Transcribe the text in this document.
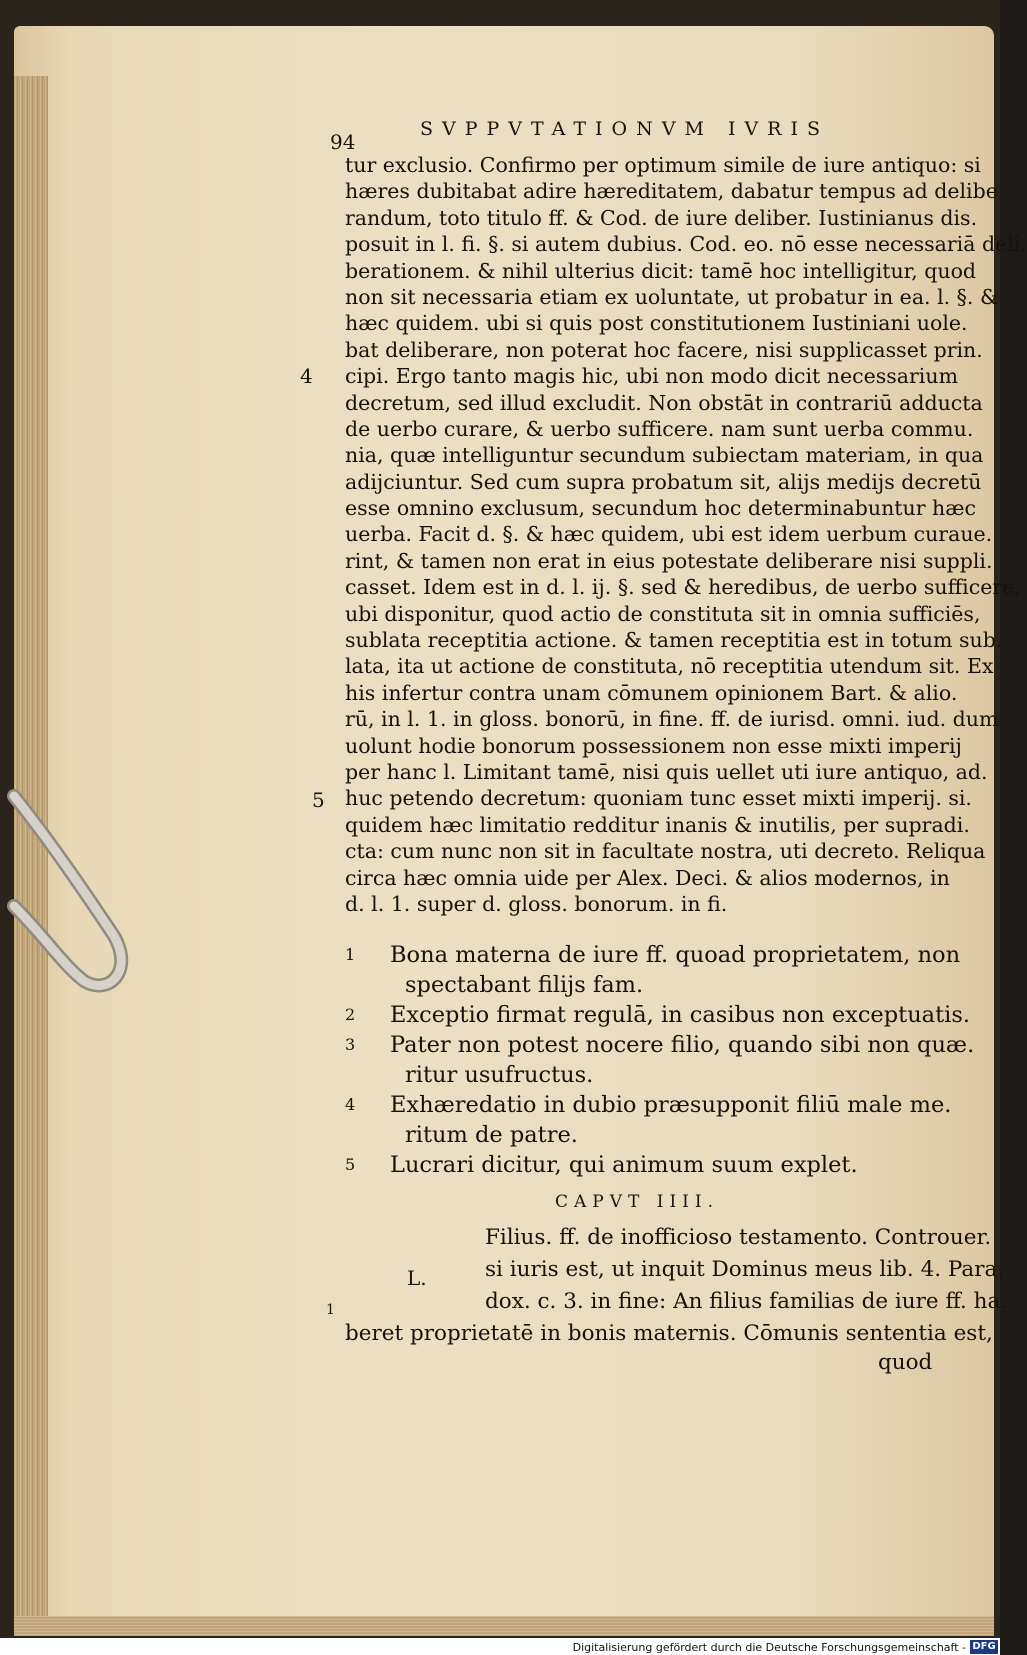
94
SVPPVTATIONVM IVRIS
tur exclusio. Confirmo per optimum simile de iure antiquo: si
hæres dubitabat adire hæreditatem, dabatur tempus ad delibe
randum, toto titulo ff. & Cod. de iure deliber. Iustinianus dis.
posuit in l. fi. §. si autem dubius. Cod. eo. nō esse necessariā deli.
berationem. & nihil ulterius dicit: tamē hoc intelligitur, quod
non sit necessaria etiam ex uoluntate, ut probatur in ea. l. §. &
hæc quidem. ubi si quis post constitutionem Iustiniani uole.
bat deliberare, non poterat hoc facere, nisi supplicasset prin.
cipi. Ergo tanto magis hic, ubi non modo dicit necessarium
decretum, sed illud excludit. Non obstāt in contrariū adducta
de uerbo curare, & uerbo sufficere. nam sunt uerba commu.
nia, quæ intelliguntur secundum subiectam materiam, in qua
adijciuntur. Sed cum supra probatum sit, alijs medijs decretū
esse omnino exclusum, secundum hoc determinabuntur hæc
uerba. Facit d. §. & hæc quidem, ubi est idem uerbum curaue.
rint, & tamen non erat in eius potestate deliberare nisi suppli.
casset. Idem est in d. l. ij. §. sed & heredibus, de uerbo sufficere,
ubi disponitur, quod actio de constituta sit in omnia sufficiēs,
sublata receptitia actione. & tamen receptitia est in totum sub.
lata, ita ut actione de constituta, nō receptitia utendum sit. Ex
his infertur contra unam cōmunem opinionem Bart. & alio.
rū, in l. 1. in gloss. bonorū, in fine. ff. de iurisd. omni. iud. dum
uolunt hodie bonorum possessionem non esse mixti imperij
per hanc l. Limitant tamē, nisi quis uellet uti iure antiquo, ad.
huc petendo decretum: quoniam tunc esset mixti imperij. si.
quidem hæc limitatio redditur inanis & inutilis, per supradi.
cta: cum nunc non sit in facultate nostra, uti decreto. Reliqua
circa hæc omnia uide per Alex. Deci. & alios modernos, in
d. l. 1. super d. gloss. bonorum. in fi.
4
5
1	Bona materna de iure ff. quoad proprietatem, non
spectabant filijs fam.
2	Exceptio firmat regulā, in casibus non exceptuatis.
3	Pater non potest nocere filio, quando sibi non quæ.
ritur usufructus.
4	Exhæredatio in dubio præsupponit filiū male me.
ritum de patre.
5	Lucrari dicitur, qui animum suum explet.
CAPVT IIII.
L.
1
Filius. ff. de inofficioso testamento. Controuer.
si iuris est, ut inquit Dominus meus lib. 4. Para.
dox. c. 3. in fine: An filius familias de iure ff. ha.
beret proprietatē in bonis maternis. Cōmunis sententia est,
quod
Digitalisierung gefördert durch die Deutsche Forschungsgemeinschaft - DFG
